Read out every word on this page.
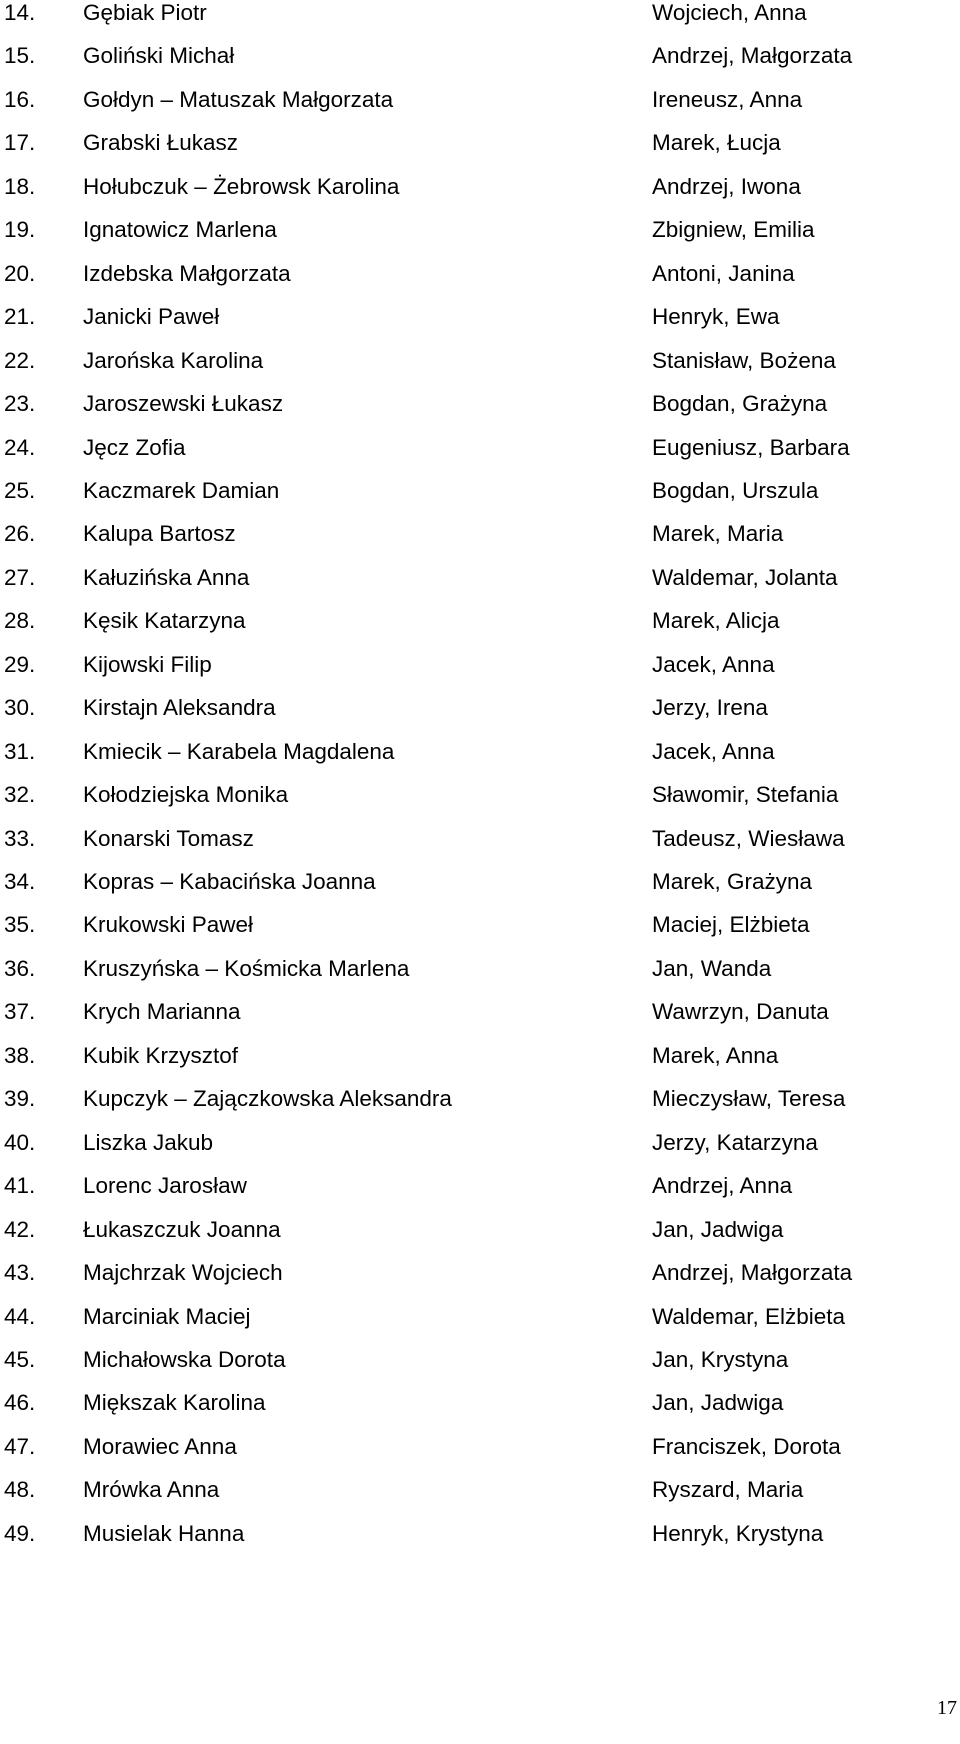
14. Gębiak Piotr	Wojciech, Anna
15. Goliński Michał	Andrzej, Małgorzata
16. Gołdyn – Matuszak Małgorzata	Ireneusz, Anna
17. Grabski Łukasz	Marek, Łucja
18. Hołubczuk – Żebrowsk Karolina	Andrzej, Iwona
19. Ignatowicz Marlena	Zbigniew, Emilia
20. Izdebska Małgorzata	Antoni, Janina
21. Janicki Paweł	Henryk, Ewa
22. Jarońska Karolina	Stanisław, Bożena
23. Jaroszewski Łukasz	Bogdan, Grażyna
24. Jęcz Zofia	Eugeniusz, Barbara
25. Kaczmarek Damian	Bogdan, Urszula
26. Kalupa Bartosz	Marek, Maria
27. Kałuzińska Anna	Waldemar, Jolanta
28. Kęsik Katarzyna	Marek, Alicja
29. Kijowski Filip	Jacek, Anna
30. Kirstajn Aleksandra	Jerzy, Irena
31. Kmiecik – Karabela Magdalena	Jacek, Anna
32. Kołodziejska Monika	Sławomir, Stefania
33. Konarski Tomasz	Tadeusz, Wiesława
34. Kopras – Kabacińska Joanna	Marek, Grażyna
35. Krukowski Paweł	Maciej, Elżbieta
36. Kruszyńska – Kośmicka Marlena	Jan, Wanda
37. Krych Marianna	Wawrzyn, Danuta
38. Kubik Krzysztof	Marek, Anna
39. Kupczyk – Zajączkowska Aleksandra	Mieczysław, Teresa
40. Liszka Jakub	Jerzy, Katarzyna
41. Lorenc Jarosław	Andrzej, Anna
42. Łukaszczuk Joanna	Jan, Jadwiga
43. Majchrzak Wojciech	Andrzej, Małgorzata
44. Marciniak Maciej	Waldemar, Elżbieta
45. Michałowska Dorota	Jan, Krystyna
46. Miększak Karolina	Jan, Jadwiga
47. Morawiec Anna	Franciszek, Dorota
48. Mrówka Anna	Ryszard, Maria
49. Musielak Hanna	Henryk, Krystyna
17
